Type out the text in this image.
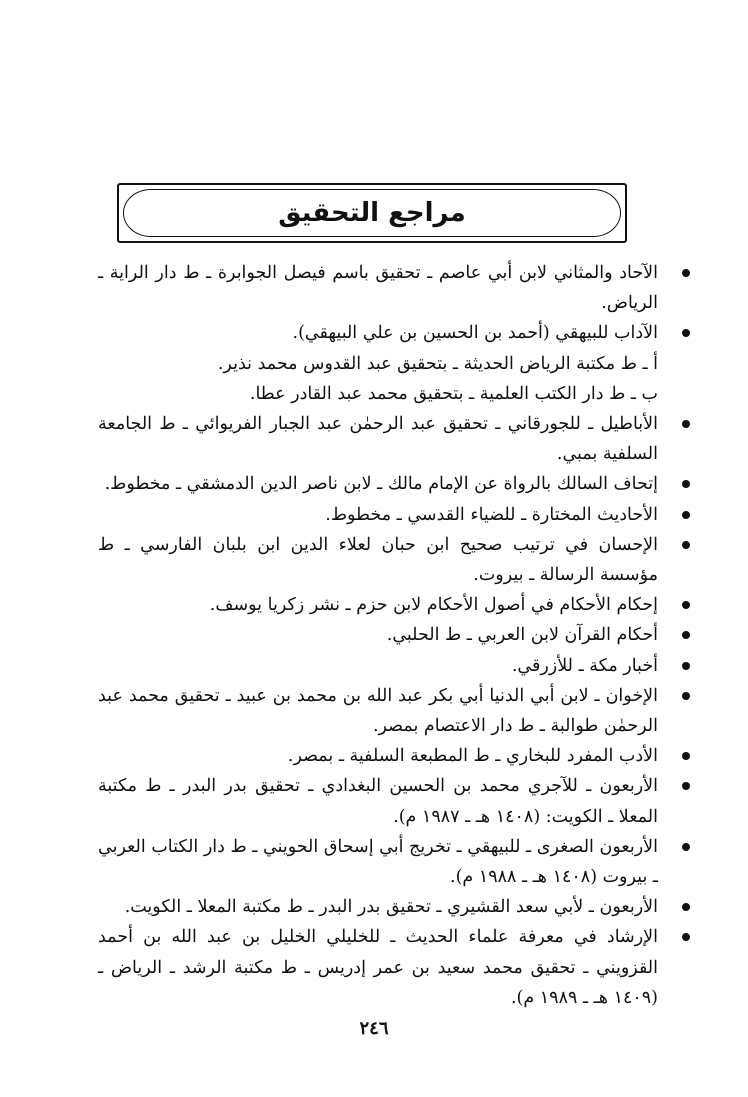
مراجع التحقيق
الآحاد والمثاني لابن أبي عاصم ـ تحقيق باسم فيصل الجوابرة ـ ط دار الراية ـ الرياض.
الآداب للبيهقي (أحمد بن الحسين بن علي البيهقي).
أ ـ ط مكتبة الرياض الحديثة ـ بتحقيق عبد القدوس محمد نذير.
ب ـ ط دار الكتب العلمية ـ بتحقيق محمد عبد القادر عطا.
الأباطيل ـ للجورقاني ـ تحقيق عبد الرحمٰن عبد الجبار الفريوائي ـ ط الجامعة السلفية بمبي.
إتحاف السالك بالرواة عن الإمام مالك ـ لابن ناصر الدين الدمشقي ـ مخطوط.
الأحاديث المختارة ـ للضياء القدسي ـ مخطوط.
الإحسان في ترتيب صحيح ابن حبان لعلاء الدين ابن بلبان الفارسي ـ ط مؤسسة الرسالة ـ بيروت.
إحكام الأحكام في أصول الأحكام لابن حزم ـ نشر زكريا يوسف.
أحكام القرآن لابن العربي ـ ط الحلبي.
أخبار مكة ـ للأزرقي.
الإخوان ـ لابن أبي الدنيا أبي بكر عبد الله بن محمد بن عبيد ـ تحقيق محمد عبد الرحمٰن طوالبة ـ ط دار الاعتصام بمصر.
الأدب المفرد للبخاري ـ ط المطبعة السلفية ـ بمصر.
الأربعون ـ للآجري محمد بن الحسين البغدادي ـ تحقيق بدر البدر ـ ط مكتبة المعلا ـ الكويت: (١٤٠٨ هـ ـ ١٩٨٧ م).
الأربعون الصغرى ـ للبيهقي ـ تخريج أبي إسحاق الحويني ـ ط دار الكتاب العربي ـ بيروت (١٤٠٨ هـ ـ ١٩٨٨ م).
الأربعون ـ لأبي سعد القشيري ـ تحقيق بدر البدر ـ ط مكتبة المعلا ـ الكويت.
الإرشاد في معرفة علماء الحديث ـ للخليلي الخليل بن عبد الله بن أحمد القزويني ـ تحقيق محمد سعيد بن عمر إدريس ـ ط مكتبة الرشد ـ الرياض ـ (١٤٠٩ هـ ـ ١٩٨٩ م).
٢٤٦
